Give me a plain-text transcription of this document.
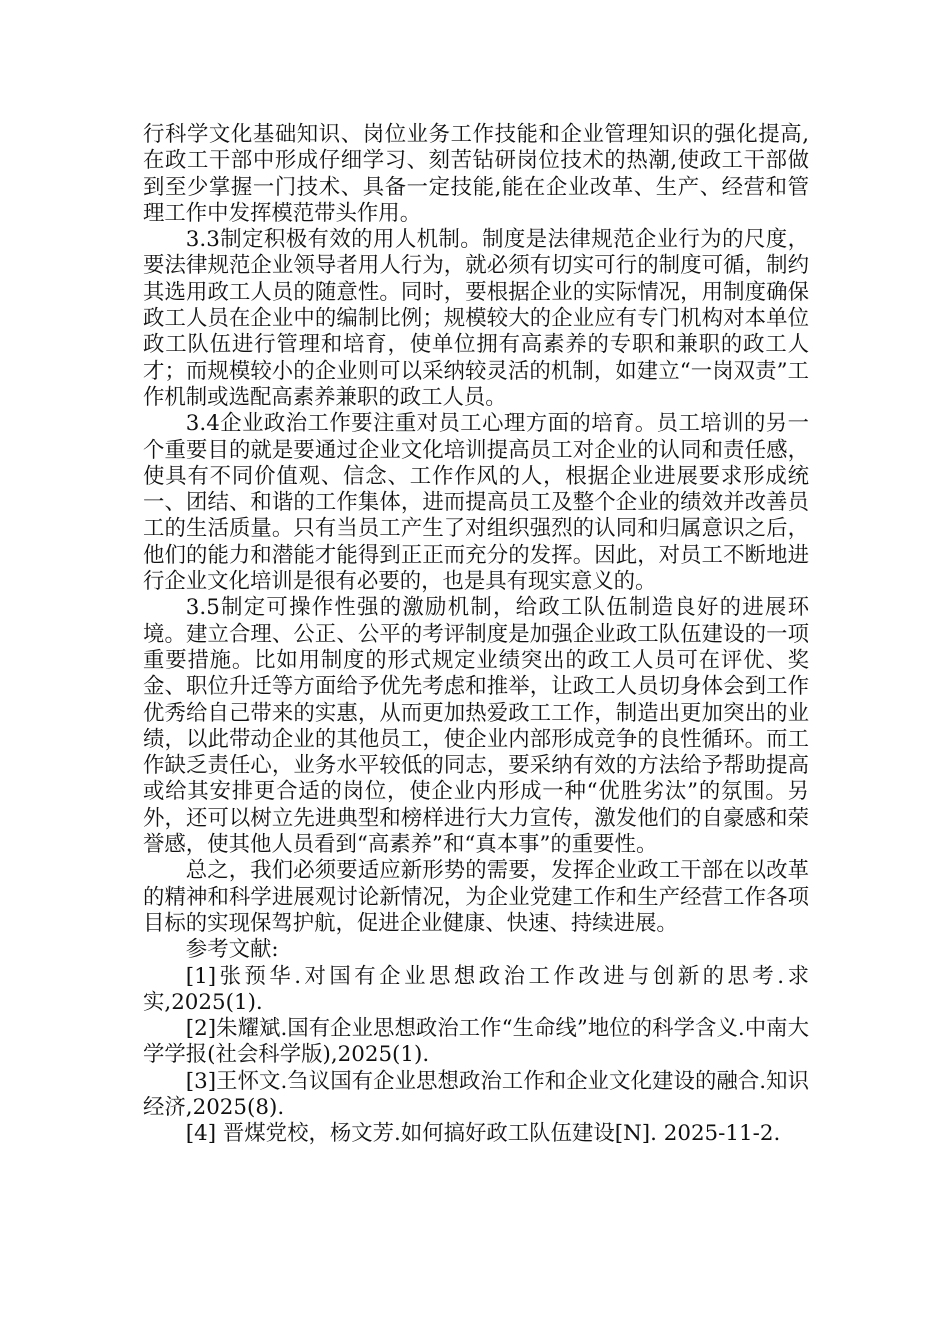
行科学文化基础知识、岗位业务工作技能和企业管理知识的强化提高,在政工干部中形成仔细学习、刻苦钻研岗位技术的热潮,使政工干部做到至少掌握一门技术、具备一定技能,能在企业改革、生产、经营和管理工作中发挥模范带头作用。

3.3制定积极有效的用人机制。制度是法律规范企业行为的尺度，要法律规范企业领导者用人行为，就必须有切实可行的制度可循，制约其选用政工人员的随意性。同时，要根据企业的实际情况，用制度确保政工人员在企业中的编制比例；规模较大的企业应有专门机构对本单位政工队伍进行管理和培育，使单位拥有高素养的专职和兼职的政工人才；而规模较小的企业则可以采纳较灵活的机制，如建立“一岗双责”工作机制或选配高素养兼职的政工人员。

3.4企业政治工作要注重对员工心理方面的培育。员工培训的另一个重要目的就是要通过企业文化培训提高员工对企业的认同和责任感，使具有不同价值观、信念、工作作风的人，根据企业进展要求形成统一、团结、和谐的工作集体，进而提高员工及整个企业的绩效并改善员工的生活质量。只有当员工产生了对组织强烈的认同和归属意识之后，他们的能力和潜能才能得到正正而充分的发挥。因此，对员工不断地进行企业文化培训是很有必要的，也是具有现实意义的。

3.5制定可操作性强的激励机制，给政工队伍制造良好的进展环境。建立合理、公正、公平的考评制度是加强企业政工队伍建设的一项重要措施。比如用制度的形式规定业绩突出的政工人员可在评优、奖金、职位升迁等方面给予优先考虑和推举，让政工人员切身体会到工作优秀给自己带来的实惠，从而更加热爱政工工作，制造出更加突出的业绩，以此带动企业的其他员工，使企业内部形成竞争的良性循环。而工作缺乏责任心，业务水平较低的同志，要采纳有效的方法给予帮助提高或给其安排更合适的岗位，使企业内形成一种“优胜劣汰”的氛围。另外，还可以树立先进典型和榜样进行大力宣传，激发他们的自豪感和荣誉感，使其他人员看到“高素养”和“真本事”的重要性。

总之，我们必须要适应新形势的需要，发挥企业政工干部在以改革的精神和科学进展观讨论新情况，为企业党建工作和生产经营工作各项目标的实现保驾护航，促进企业健康、快速、持续进展。

参考文献:

[1]张预华.对国有企业思想政治工作改进与创新的思考.求实,2025(1).

[2]朱耀斌.国有企业思想政治工作“生命线”地位的科学含义.中南大学学报(社会科学版),2025(1).

[3]王怀文.刍议国有企业思想政治工作和企业文化建设的融合.知识经济,2025(8).

[4] 晋煤党校，杨文芳.如何搞好政工队伍建设[N]. 2025-11-2.
